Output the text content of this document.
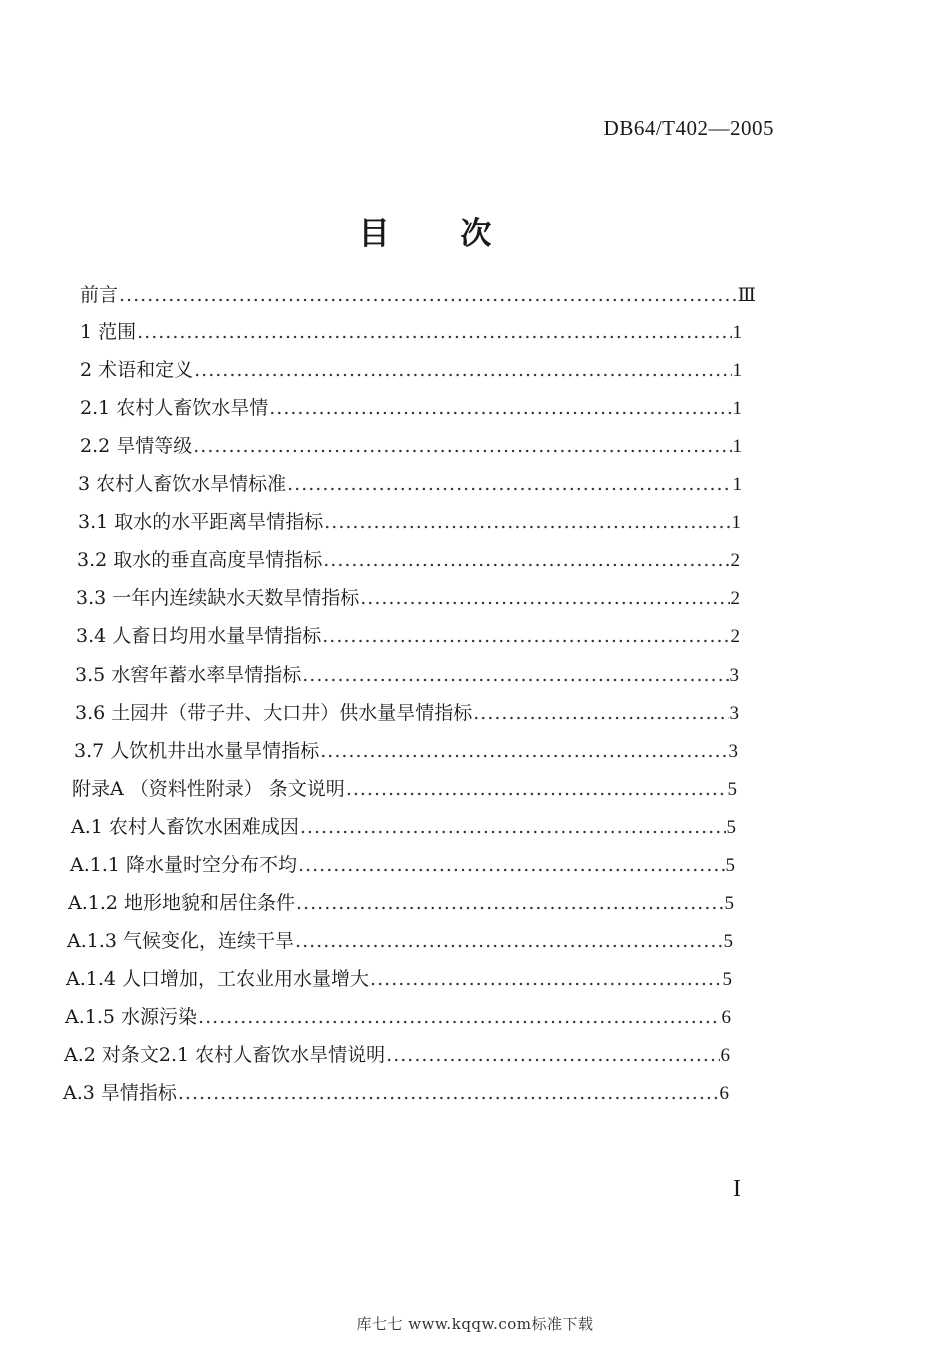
DB64/T402—2005
目 次
前言 .....	Ⅲ
1 范围 .....	1
2 术语和定义 .....	1
2.1 农村人畜饮水旱情 .....	1
2.2 旱情等级 .....	1
3 农村人畜饮水旱情标准 .....	1
3.1 取水的水平距离旱情指标 .....	1
3.2 取水的垂直高度旱情指标 .....	2
3.3 一年内连续缺水天数旱情指标 .....	2
3.4 人畜日均用水量旱情指标 .....	2
3.5 水窖年蓄水率旱情指标 .....	3
3.6 土园井（带子井、大口井）供水量旱情指标 .....	3
3.7 人饮机井出水量旱情指标 .....	3
附录A （资料性附录） 条文说明 .....	5
A.1 农村人畜饮水困难成因 .....	5
A.1.1 降水量时空分布不均 .....	5
A.1.2 地形地貌和居住条件 .....	5
A.1.3 气候变化，连续干旱 .....	5
A.1.4 人口增加，工农业用水量增大 .....	5
A.1.5 水源污染 .....	6
A.2 对条文2.1 农村人畜饮水旱情说明 .....	6
A.3 旱情指标 .....	6
I
库七七 www.kqqw.com标准下载
